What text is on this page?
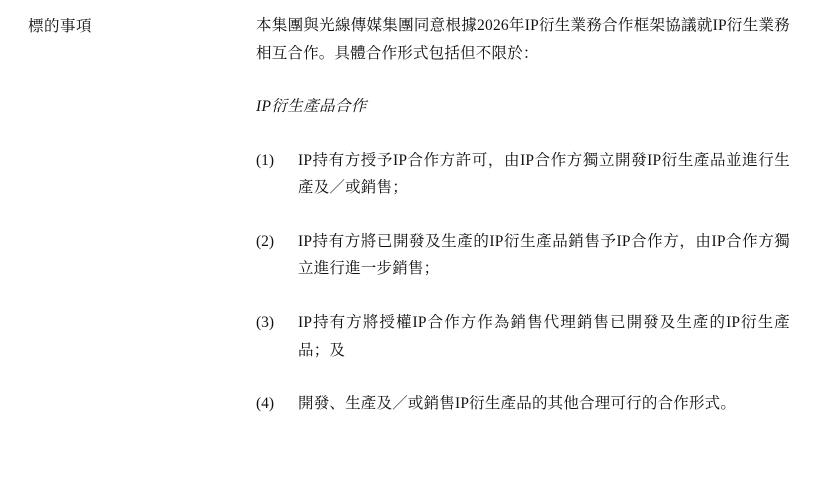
標的事項	本集團與光線傳媒集團同意根據2026年IP衍生業務合作框架協議就IP衍生業務相互合作。具體合作形式包括但不限於：

IP衍生產品合作

(1)	IP持有方授予IP合作方許可，由IP合作方獨立開發IP衍生產品並進行生產及／或銷售；
(2)	IP持有方將已開發及生產的IP衍生產品銷售予IP合作方，由IP合作方獨立進行進一步銷售；
(3)	IP持有方將授權IP合作方作為銷售代理銷售已開發及生產的IP衍生產品；及
(4)	開發、生產及／或銷售IP衍生產品的其他合理可行的合作形式。
